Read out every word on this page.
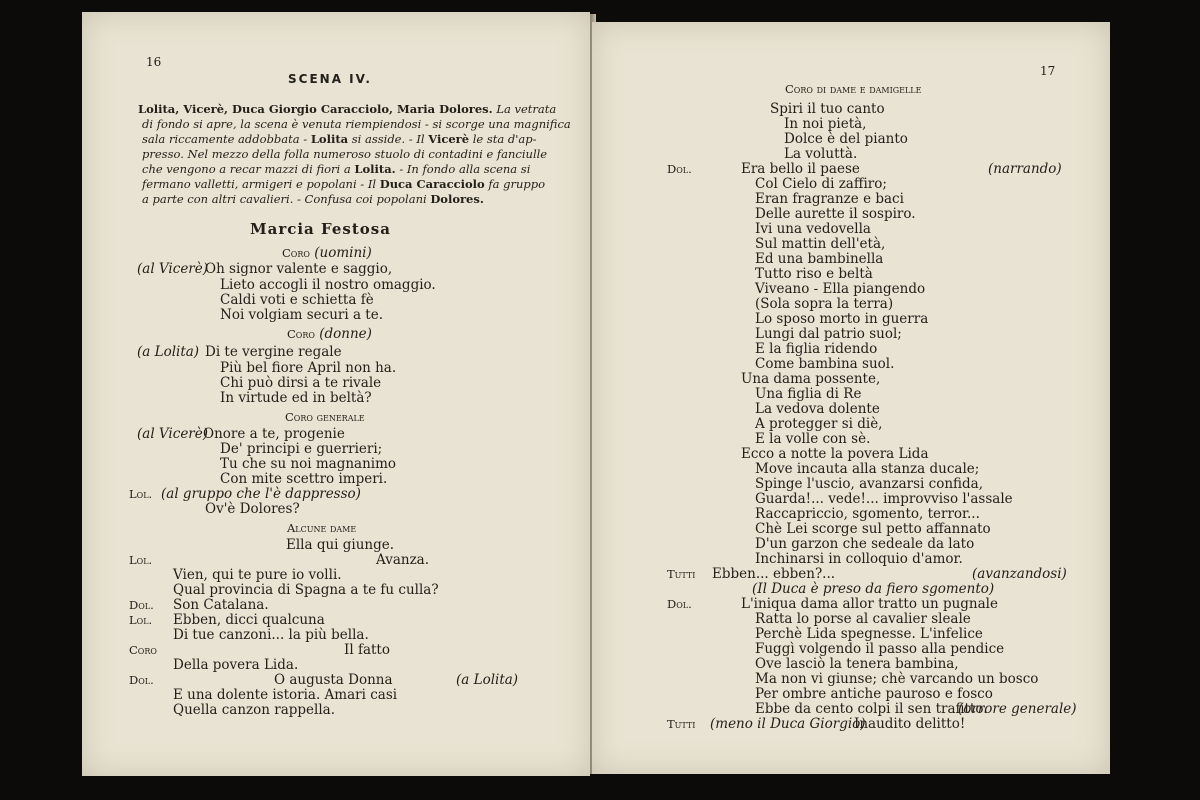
16
SCENA IV.
Lolita, Vicerè, Duca Giorgio Caracciolo, Maria Dolores. La vetrata
di fondo si apre, la scena è venuta riempiendosi - si scorge una magnifica
sala riccamente addobbata - Lolita si asside. - Il Vicerè le sta d'ap-
presso. Nel mezzo della folla numeroso stuolo di contadini e fanciulle
che vengono a recar mazzi di fiori a Lolita. - In fondo alla scena si
fermano valletti, armigeri e popolani - Il Duca Caracciolo fa gruppo
a parte con altri cavalieri. - Confusa coi popolani Dolores.
Marcia Festosa
Coro (uomini)
(al Vicerè)
Oh signor valente e saggio,
Lieto accogli il nostro omaggio.
Caldi voti e schietta fè
Noi volgiam securi a te.
Coro (donne)
(a Lolita) Di te vergine regale
Più bel fiore April non ha.
Chi può dirsi a te rivale
In virtude ed in beltà?
Coro generale
(al Vicerè)
Onore a te, progenie
De' principi e guerrieri;
Tu che su noi magnanimo
Con mite scettro imperi.
Lol. (al gruppo che l'è dappresso)
Ov'è Dolores?
Alcune dame
Ella qui giunge.
Lol.	Avanza.
Vien, qui te pure io volli.
Qual provincia di Spagna a te fu culla?
Dol. Son Catalana.
Lol. Ebben, dicci qualcuna
Di tue canzoni... la più bella.
Coro	Il fatto
Della povera Lida.
Dol.	O augusta Donna	(a Lolita)
E una dolente istoria. Amari casi
Quella canzon rappella.
17
Coro di dame e damigelle
Spiri il tuo canto
In noi pietà,
Dolce è del pianto
La voluttà.
Dol.	Era bello il paese	(narrando)
Col Cielo di zaffiro;
Eran fragranze e baci
Delle aurette il sospiro.
Ivi una vedovella
Sul mattin dell'età,
Ed una bambinella
Tutto riso e beltà
Viveano - Ella piangendo
(Sola sopra la terra)
Lo sposo morto in guerra
Lungi dal patrio suol;
E la figlia ridendo
Come bambina suol.
Una dama possente,
Una figlia di Re
La vedova dolente
A protegger si diè,
E la volle con sè.
Ecco a notte la povera Lida
Move incauta alla stanza ducale;
Spinge l'uscio, avanzarsi confida,
Guarda!... vede!... improvviso l'assale
Raccapriccio, sgomento, terror...
Chè Lei scorge sul petto affannato
D'un garzon che sedeale da lato
Inchinarsi in colloquio d'amor.
Tutti Ebben... ebben?...	(avanzandosi)
(Il Duca è preso da fiero sgomento)
Dol.	L'iniqua dama allor tratto un pugnale
Ratta lo porse al cavalier sleale
Perchè Lida spegnesse. L'infelice
Fuggì volgendo il passo alla pendice
Ove lasciò la tenera bambina,
Ma non vi giunse; chè varcando un bosco
Per ombre antiche pauroso e fosco
Ebbe da cento colpi il sen trafitto.
(orrore generale)
Tutti (meno il Duca Giorgio)
Inaudito delitto!
